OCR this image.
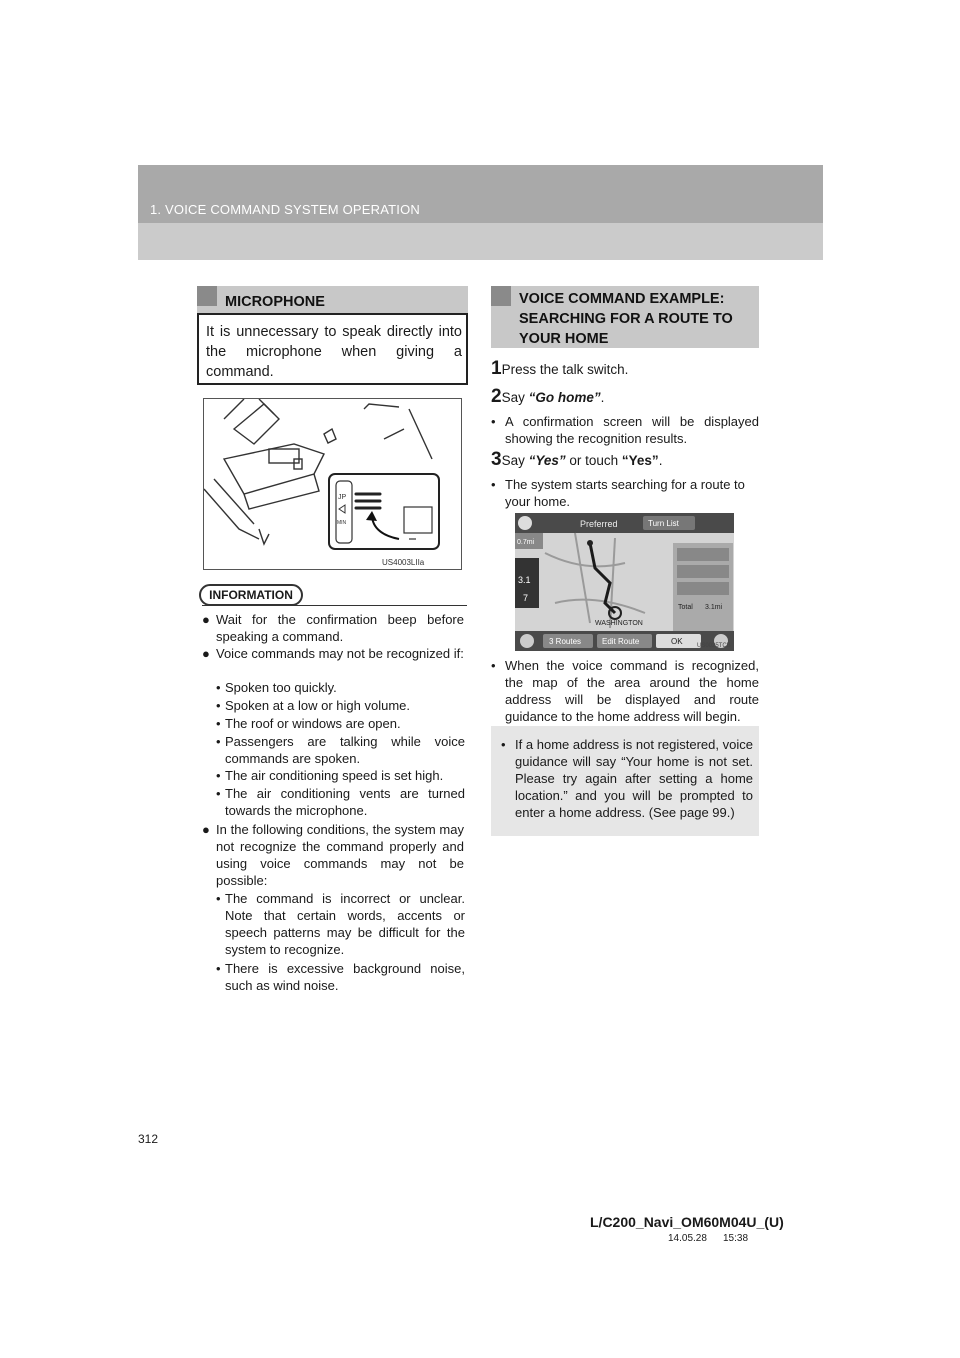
1. VOICE COMMAND SYSTEM OPERATION
MICROPHONE
It is unnecessary to speak directly into the microphone when giving a command.
JP
MIN
US4003LIIa
INFORMATION
● Wait for the confirmation beep before speaking a command.
● Voice commands may not be recognized if:
• Spoken too quickly.
• Spoken at a low or high volume.
• The roof or windows are open.
• Passengers are talking while voice commands are spoken.
• The air conditioning speed is set high.
• The air conditioning vents are turned towards the microphone.
● In the following conditions, the system may not recognize the command properly and using voice commands may not be possible:
• The command is incorrect or unclear. Note that certain words, accents or speech patterns may be difficult for the system to recognize.
• There is excessive background noise, such as wind noise.
VOICE COMMAND EXAMPLE: SEARCHING FOR A ROUTE TO YOUR HOME
1Press the talk switch.
2Say “Go home”.
• A confirmation screen will be displayed showing the recognition results.
3Say “Yes” or touch “Yes”.
• The system starts searching for a route to your home.
Preferred	Turn List
0.7mi
3.1
7
WASHINGTON
Total 3.1mi
3 Routes	Edit Route	OK US0025TCB
• When the voice command is recognized, the map of the area around the home address will be displayed and route guidance to the home address will begin.
• If a home address is not registered, voice guidance will say “Your home is not set. Please try again after setting a home location.” and you will be prompted to enter a home address. (See page 99.)
312
L/C200_Navi_OM60M04U_(U)
14.05.28 15:38
